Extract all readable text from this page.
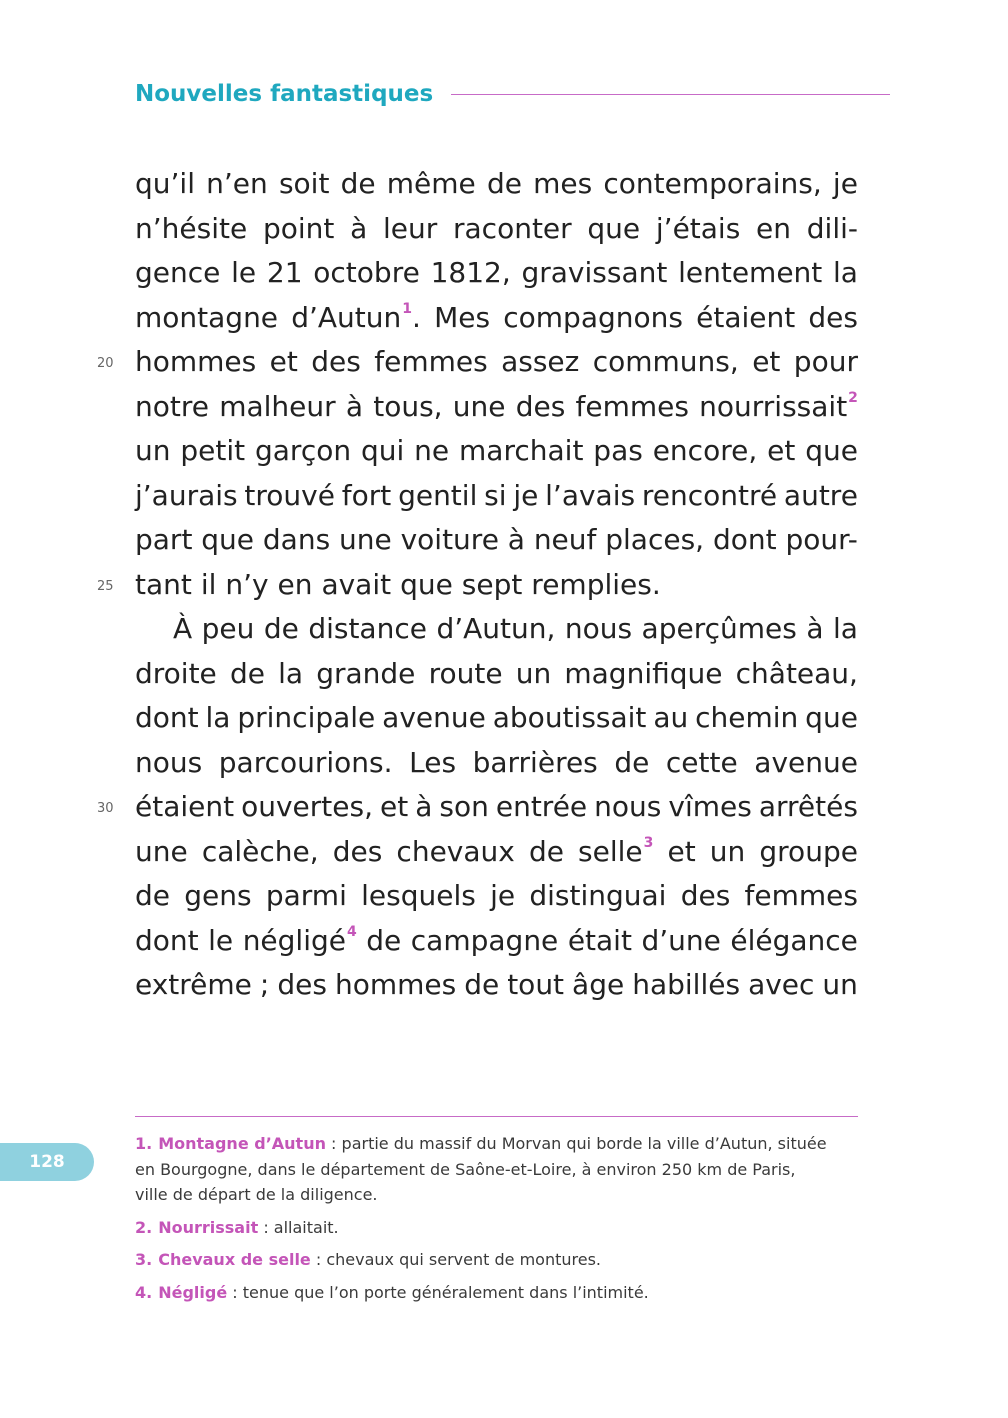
Nouvelles fantastiques
qu’il n’en soit de même de mes contemporains, je
n’hésite point à leur raconter que j’étais en dili-
gence le 21 octobre 1812, gravissant lentement la
montagne d’Autun$^1$. Mes compagnons étaient des
20 hommes et des femmes assez communs, et pour
notre malheur à tous, une des femmes nourrissait$^2$
un petit garçon qui ne marchait pas encore, et que
j’aurais trouvé fort gentil si je l’avais rencontré autre
part que dans une voiture à neuf places, dont pour-
25 tant il n’y en avait que sept remplies.
À peu de distance d’Autun, nous aperçûmes à la
droite de la grande route un magnifique château,
dont la principale avenue aboutissait au chemin que
nous parcourions. Les barrières de cette avenue
30 étaient ouvertes, et à son entrée nous vîmes arrêtés
une calèche, des chevaux de selle$^3$ et un groupe
de gens parmi lesquels je distinguai des femmes
dont le négligé$^4$ de campagne était d’une élégance
extrême ; des hommes de tout âge habillés avec un
1. Montagne d’Autun : partie du massif du Morvan qui borde la ville d’Autun, située
en Bourgogne, dans le département de Saône-et-Loire, à environ 250 km de Paris,
ville de départ de la diligence.
2. Nourrissait : allaitait.
3. Chevaux de selle : chevaux qui servent de montures.
4. Négligé : tenue que l’on porte généralement dans l’intimité.
128
